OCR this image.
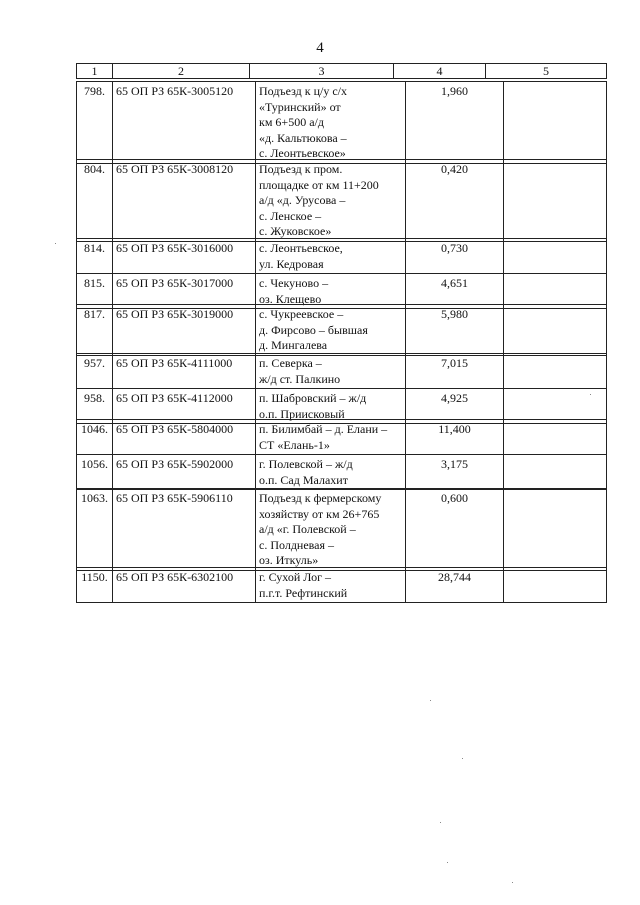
4
1	2	3	4	5
798.	65 ОП РЗ 65К-3005120	Подъезд к ц/у с/х
«Туринский» от
км 6+500 а/д
«д. Кальтюкова –
с. Леонтьевское»
	1,960	
804.	65 ОП РЗ 65К-3008120	Подъезд к пром.
площадке от км 11+200
а/д «д. Урусова –
с. Ленское –
с. Жуковское»
	0,420	
814.	65 ОП РЗ 65К-3016000	с. Леонтьевское,
ул. Кедровая	0,730	
815.	65 ОП РЗ 65К-3017000	с. Чекуново –
оз. Клещево	4,651	
817.	65 ОП РЗ 65К-3019000	с. Чукреевское –
д. Фирсово – бывшая
д. Мингалева
	5,980	
957.	65 ОП РЗ 65К-4111000	п. Северка –
ж/д ст. Палкино	7,015	
958.	65 ОП РЗ 65К-4112000	п. Шабровский – ж/д
о.п. Приисковый	4,925	
1046.	65 ОП РЗ 65К-5804000	п. Билимбай – д. Елани –
СТ «Елань-1»
	11,400	
1056.	65 ОП РЗ 65К-5902000	г. Полевской – ж/д
о.п. Сад Малахит
	3,175	
1063.	65 ОП РЗ 65К-5906110	Подъезд к фермерскому
хозяйству от км 26+765
а/д «г. Полевской –
с. Полдневая –
оз. Иткуль»
	0,600	
1150.	65 ОП РЗ 65К-6302100	г. Сухой Лог –
п.г.т. Рефтинский
	28,744	
